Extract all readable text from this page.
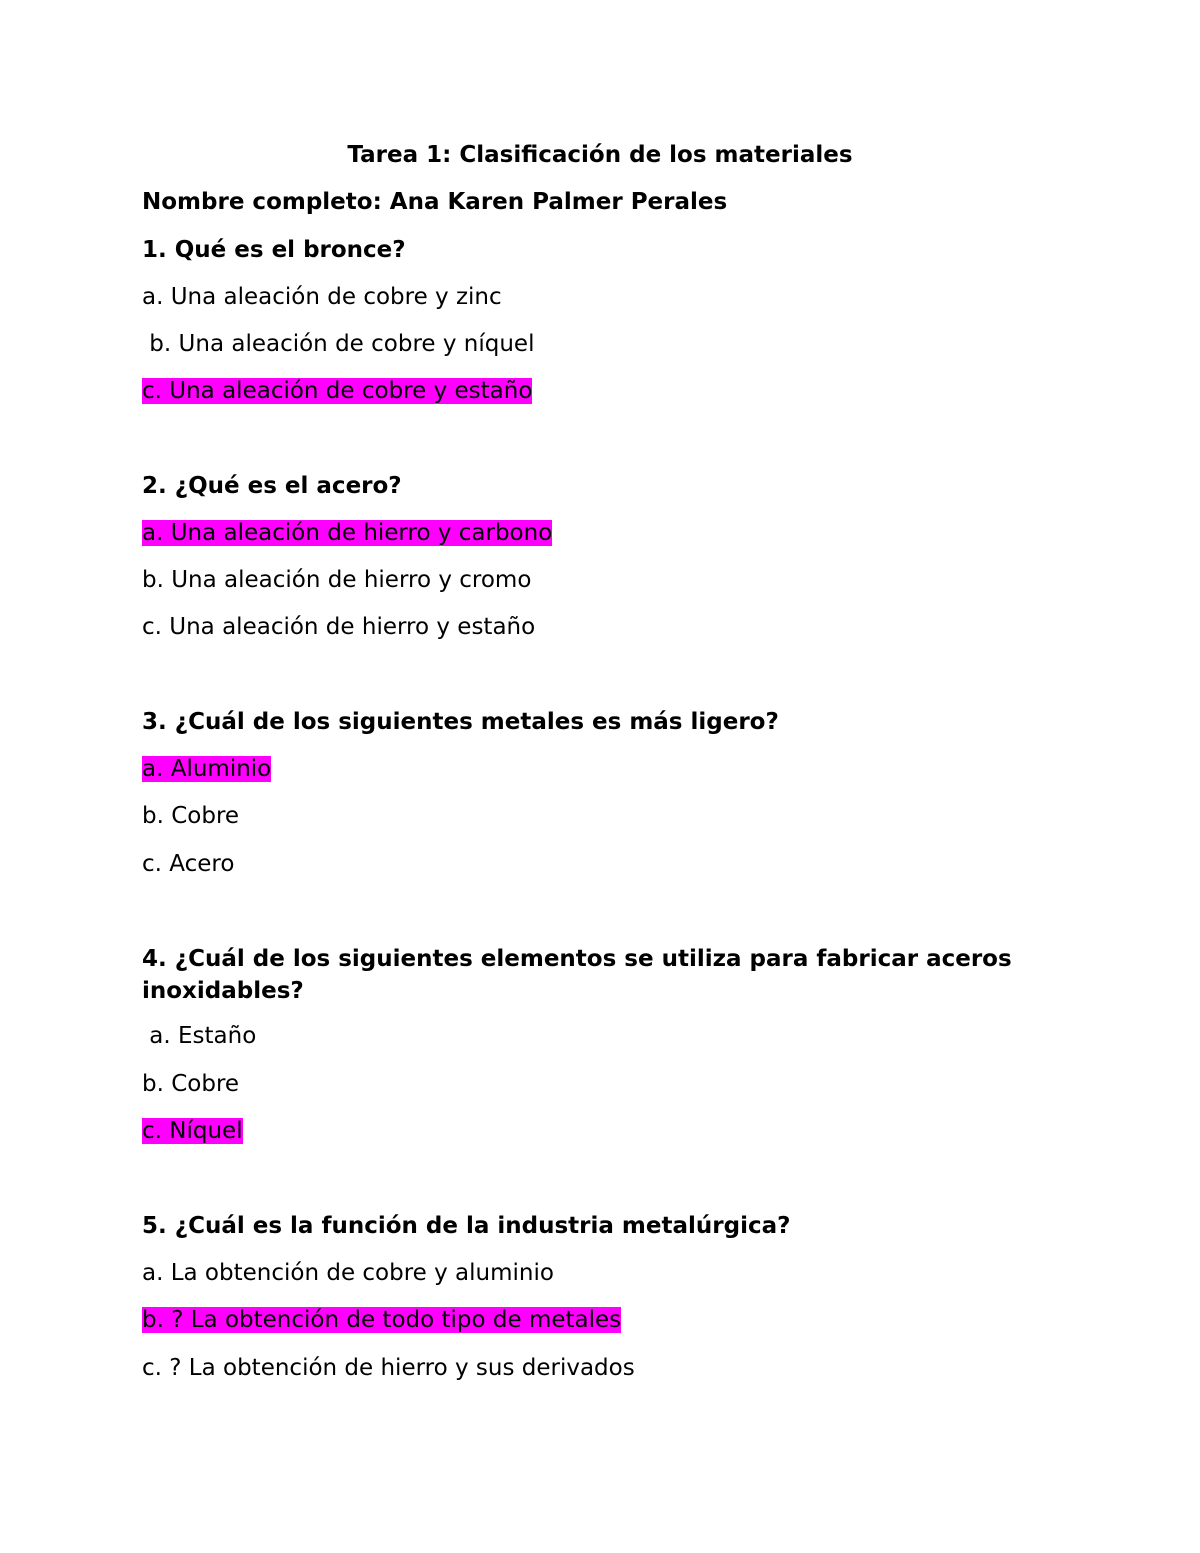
Tarea 1: Clasificación de los materiales
Nombre completo: Ana Karen Palmer Perales
1. Qué es el bronce?
a. Una aleación de cobre y zinc
b. Una aleación de cobre y níquel
c. Una aleación de cobre y estaño
2. ¿Qué es el acero?
a. Una aleación de hierro y carbono
b. Una aleación de hierro y cromo
c. Una aleación de hierro y estaño
3. ¿Cuál de los siguientes metales es más ligero?
a. Aluminio
b. Cobre
c. Acero
4. ¿Cuál de los siguientes elementos se utiliza para fabricar aceros inoxidables?
a. Estaño
b. Cobre
c. Níquel
5. ¿Cuál es la función de la industria metalúrgica?
a. La obtención de cobre y aluminio
b. ? La obtención de todo tipo de metales
c. ? La obtención de hierro y sus derivados
